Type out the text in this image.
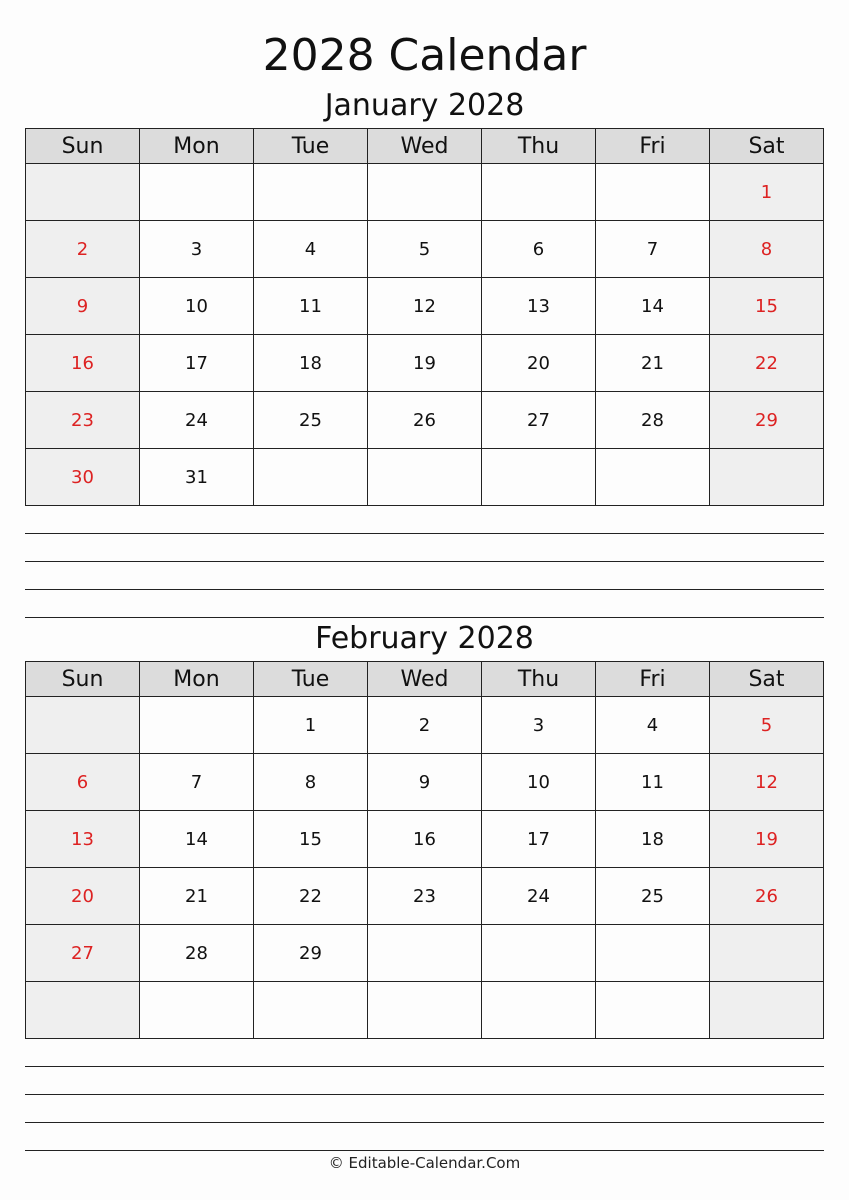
2028 Calendar
January 2028
Sun	Mon	Tue	Wed	Thu	Fri	Sat
						1
2	3	4	5	6	7	8
9	10	11	12	13	14	15
16	17	18	19	20	21	22
23	24	25	26	27	28	29
30	31					
February 2028
Sun	Mon	Tue	Wed	Thu	Fri	Sat
		1	2	3	4	5
6	7	8	9	10	11	12
13	14	15	16	17	18	19
20	21	22	23	24	25	26
27	28	29				

© Editable-Calendar.Com
